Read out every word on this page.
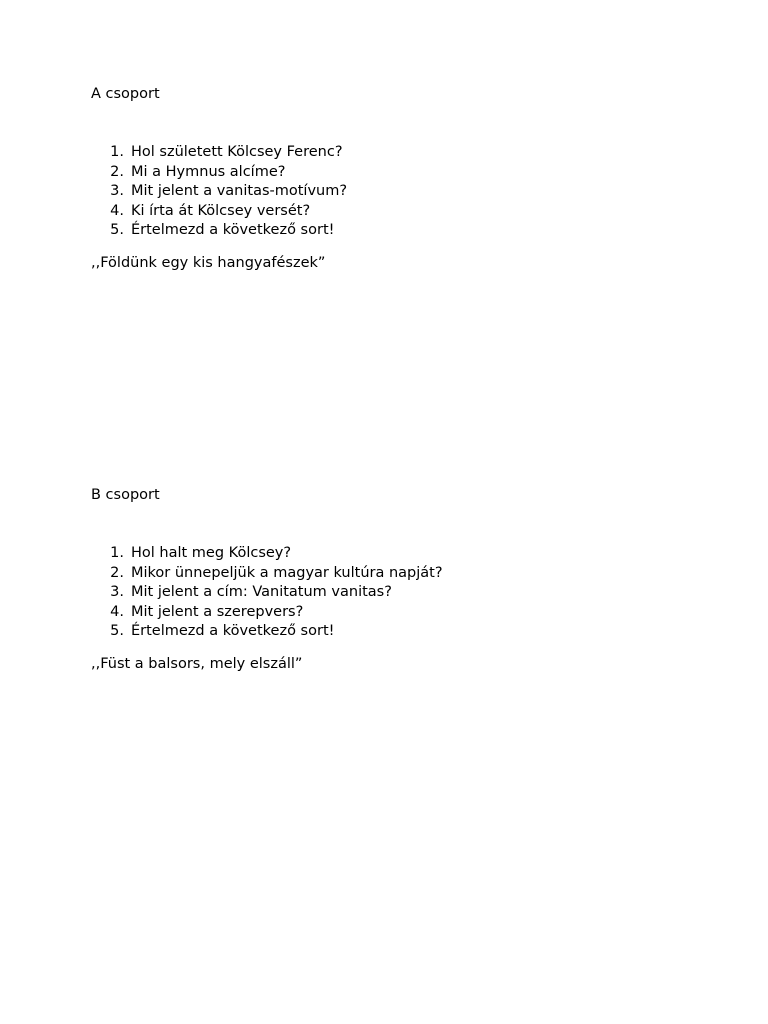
A csoport
1. Hol született Kölcsey Ferenc?
2. Mi a Hymnus alcíme?
3. Mit jelent a vanitas-motívum?
4. Ki írta át Kölcsey versét?
5. Értelmezd a következő sort!

,,Földünk egy kis hangyafészek”

B csoport
1. Hol halt meg Kölcsey?
2. Mikor ünnepeljük a magyar kultúra napját?
3. Mit jelent a cím: Vanitatum vanitas?
4. Mit jelent a szerepvers?
5. Értelmezd a következő sort!

,,Füst a balsors, mely elszáll”
